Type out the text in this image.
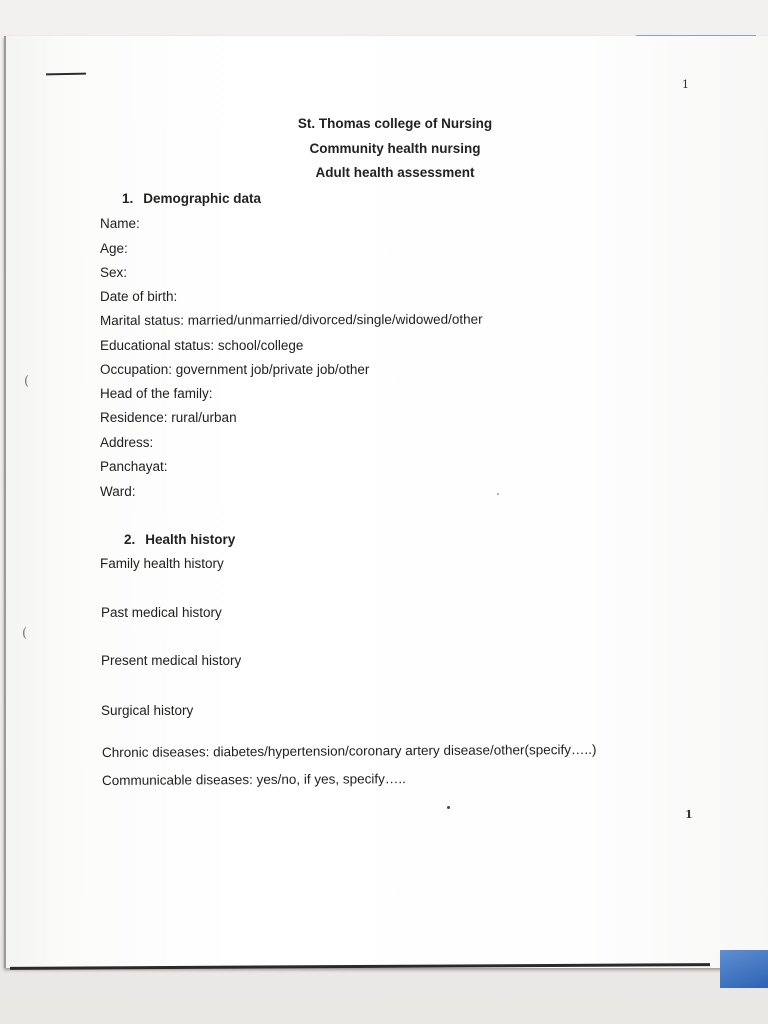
1
St. Thomas college of Nursing
Community health nursing
Adult health assessment
1. Demographic data
Name:
Age:
Sex:
Date of birth:
Marital status: married/unmarried/divorced/single/widowed/other
Educational status: school/college
Occupation: government job/private job/other
Head of the family:
Residence: rural/urban
Address:
Panchayat:
Ward:
2. Health history
Family health history
Past medical history
Present medical history
Surgical history
Chronic diseases: diabetes/hypertension/coronary artery disease/other(specify…..)
Communicable diseases: yes/no, if yes, specify…..
1
(
(
